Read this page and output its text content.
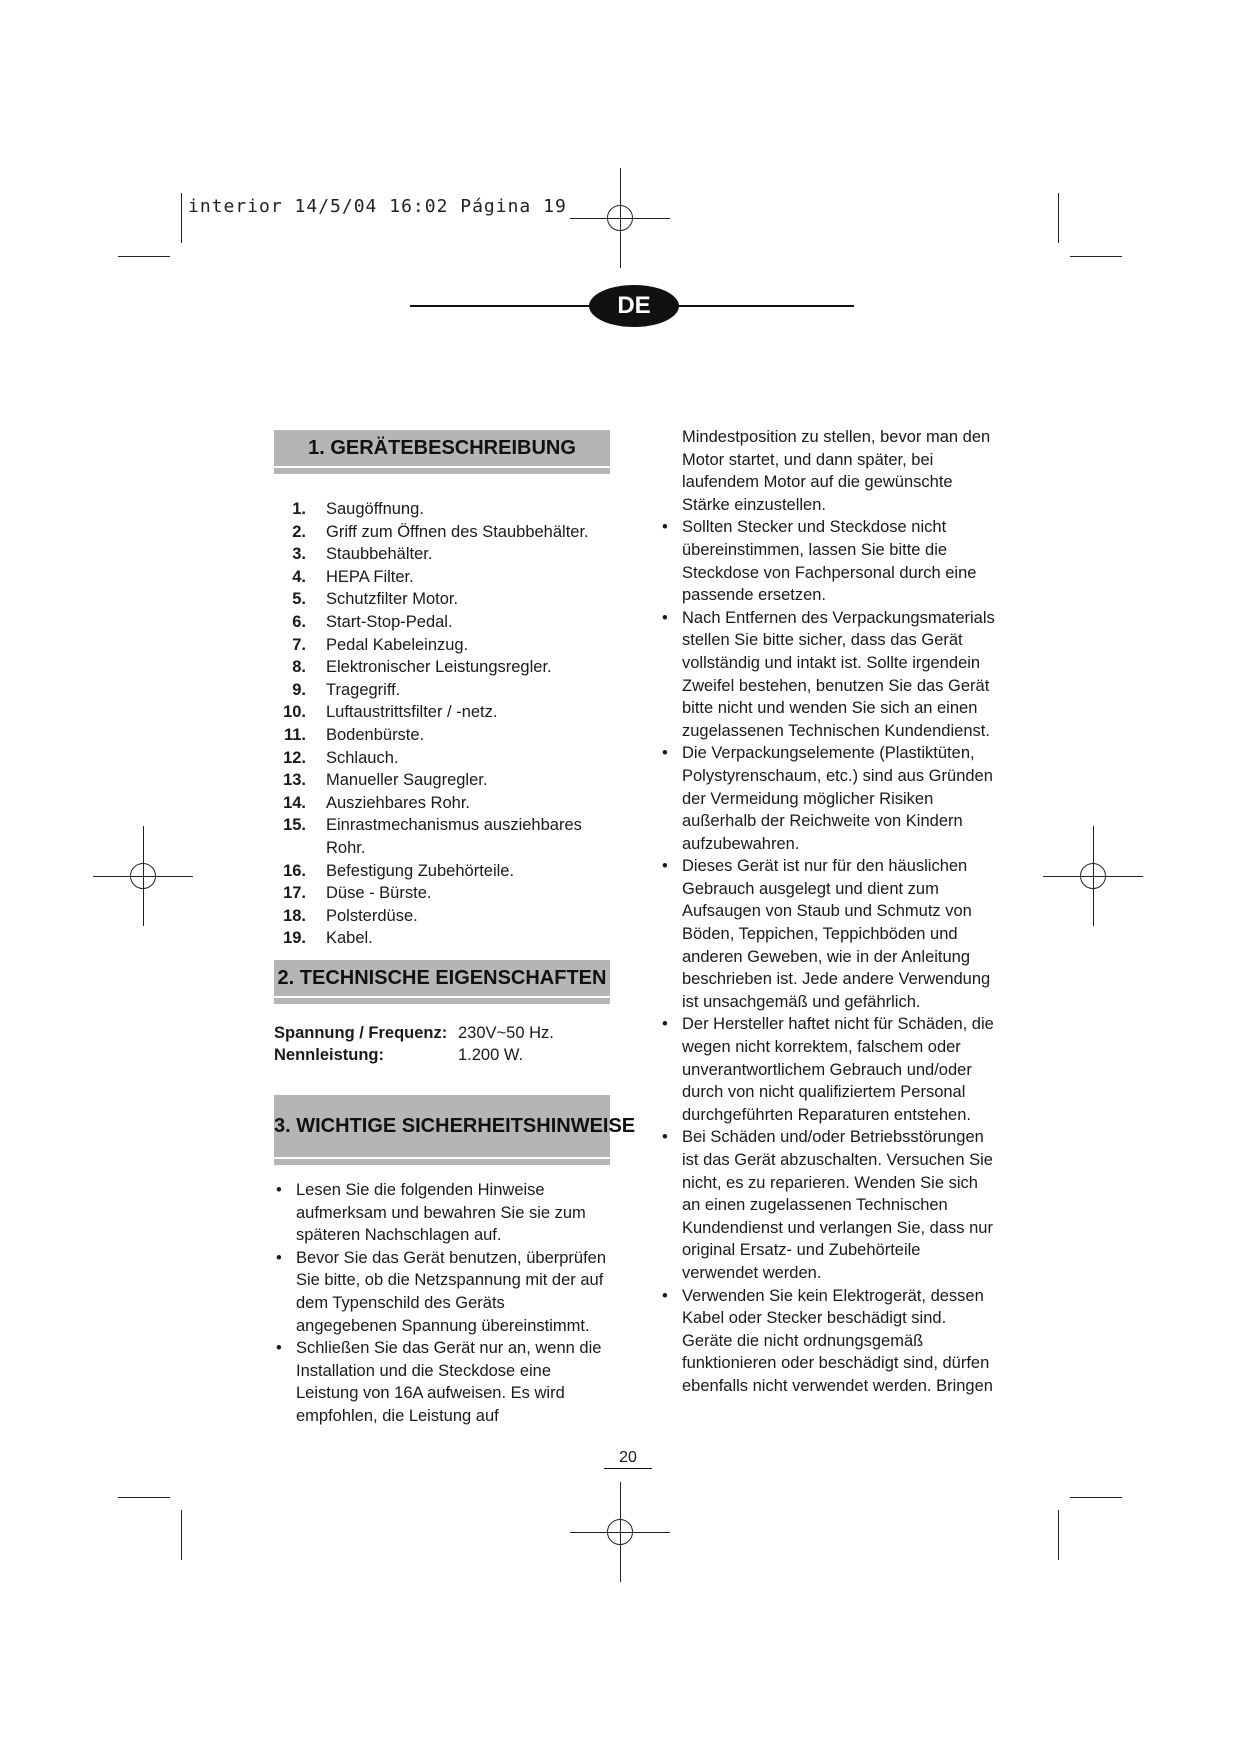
interior 14/5/04 16:02 Página 19
DE
1. GERÄTEBESCHREIBUNG
1.	Saugöffnung.
2.	Griff zum Öffnen des Staubbehälter.
3.	Staubbehälter.
4.	HEPA Filter.
5.	Schutzfilter Motor.
6.	Start-Stop-Pedal.
7.	Pedal Kabeleinzug.
8.	Elektronischer Leistungsregler.
9.	Tragegriff.
10.	Luftaustrittsfilter / -netz.
11.	Bodenbürste.
12.	Schlauch.
13.	Manueller Saugregler.
14.	Ausziehbares Rohr.
15.	Einrastmechanismus ausziehbares Rohr.
16.	Befestigung Zubehörteile.
17.	Düse - Bürste.
18.	Polsterdüse.
19.	Kabel.
2. TECHNISCHE EIGENSCHAFTEN
Spannung / Frequenz: 230V~50 Hz.
Nennleistung:	1.200 W.
3. WICHTIGE SICHERHEITSHINWEISE
• Lesen Sie die folgenden Hinweise aufmerksam und bewahren Sie sie zum späteren Nachschlagen auf.
• Bevor Sie das Gerät benutzen, überprüfen Sie bitte, ob die Netzspannung mit der auf dem Typenschild des Geräts angegebenen Spannung übereinstimmt.
• Schließen Sie das Gerät nur an, wenn die Installation und die Steckdose eine Leistung von 16A aufweisen. Es wird empfohlen, die Leistung auf
Mindestposition zu stellen, bevor man den Motor startet, und dann später, bei laufendem Motor auf die gewünschte Stärke einzustellen.
• Sollten Stecker und Steckdose nicht übereinstimmen, lassen Sie bitte die Steckdose von Fachpersonal durch eine passende ersetzen.
• Nach Entfernen des Verpackungsmaterials stellen Sie bitte sicher, dass das Gerät vollständig und intakt ist. Sollte irgendein Zweifel bestehen, benutzen Sie das Gerät bitte nicht und wenden Sie sich an einen zugelassenen Technischen Kundendienst.
• Die Verpackungselemente (Plastiktüten, Polystyrenschaum, etc.) sind aus Gründen der Vermeidung möglicher Risiken außerhalb der Reichweite von Kindern aufzubewahren.
• Dieses Gerät ist nur für den häuslichen Gebrauch ausgelegt und dient zum Aufsaugen von Staub und Schmutz von Böden, Teppichen, Teppichböden und anderen Geweben, wie in der Anleitung beschrieben ist. Jede andere Verwendung ist unsachgemäß und gefährlich.
• Der Hersteller haftet nicht für Schäden, die wegen nicht korrektem, falschem oder unverantwortlichem Gebrauch und/oder durch von nicht qualifiziertem Personal durchgeführten Reparaturen entstehen.
• Bei Schäden und/oder Betriebsstörungen ist das Gerät abzuschalten. Versuchen Sie nicht, es zu reparieren. Wenden Sie sich an einen zugelassenen Technischen Kundendienst und verlangen Sie, dass nur original Ersatz- und Zubehörteile verwendet werden.
• Verwenden Sie kein Elektrogerät, dessen Kabel oder Stecker beschädigt sind. Geräte die nicht ordnungsgemäß funktionieren oder beschädigt sind, dürfen ebenfalls nicht verwendet werden. Bringen
20
